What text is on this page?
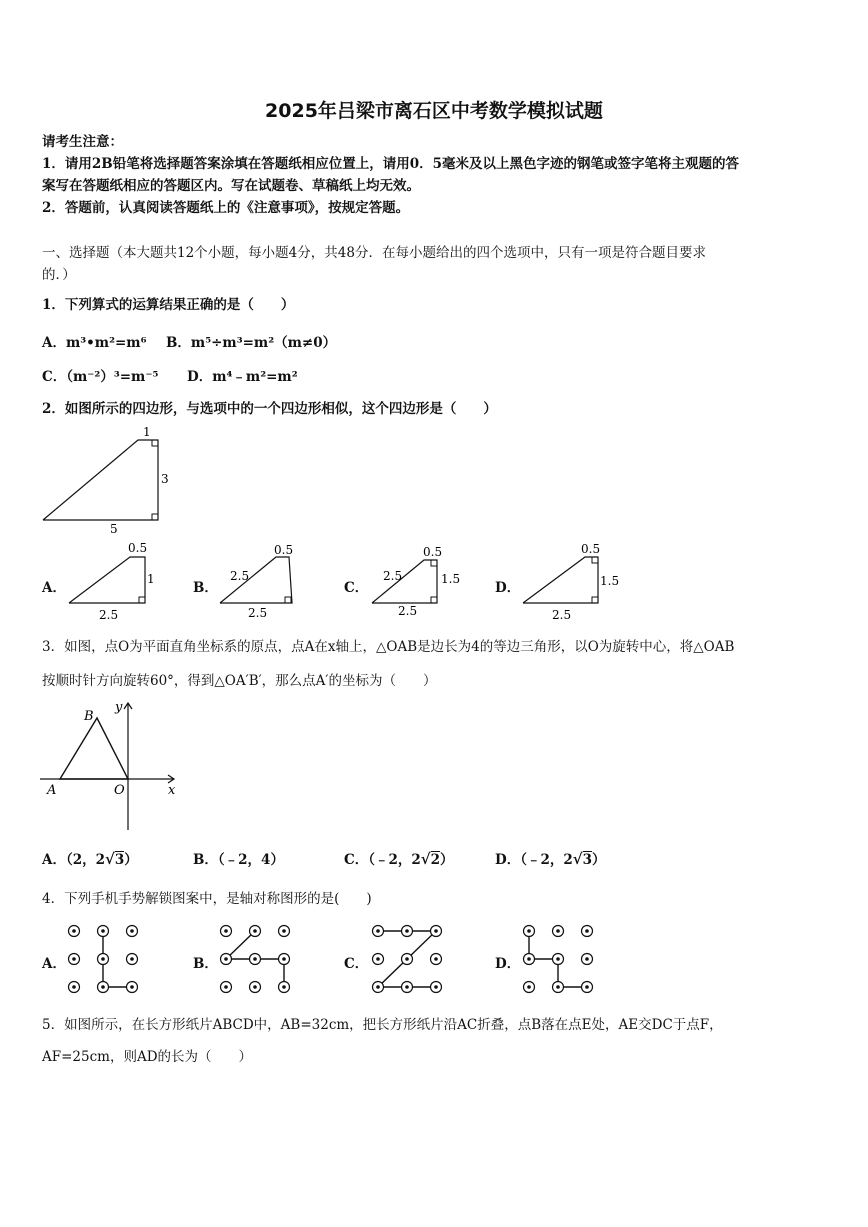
2025年吕梁市离石区中考数学模拟试题
请考生注意：
1．请用2B铅笔将选择题答案涂填在答题纸相应位置上，请用0．5毫米及以上黑色字迹的钢笔或签字笔将主观题的答
案写在答题纸相应的答题区内。写在试题卷、草稿纸上均无效。
2．答题前，认真阅读答题纸上的《注意事项》，按规定答题。
一、选择题（本大题共12个小题，每小题4分，共48分．在每小题给出的四个选项中，只有一项是符合题目要求
的．）
1．下列算式的运算结果正确的是（　　）
A．m³•m²=m⁶ B．m⁵÷m³=m²（m≠0）
C．（m⁻²）³=m⁻⁵ D．m⁴﹣m²=m²
2．如图所示的四边形，与选项中的一个四边形相似，这个四边形是（　　）
1
3
5
A．
0.5
1
2.5
B．
0.5
2.5
2.5
C．
0.5
2.5	1.5
2.5
D．
0.5
1.5
2.5
3．如图，点O为平面直角坐标系的原点，点A在x轴上，△OAB是边长为4的等边三角形，以O为旋转中心，将△OAB
按顺时针方向旋转60°，得到△OA′B′，那么点A′的坐标为（　　）
B
y
A	O	x
A．（2，2√3）	B．（﹣2，4）	C．（﹣2，2√2）	D．（﹣2，2√3）
4．下列手机手势解锁图案中，是轴对称图形的是(　　)
A．	B．	C．	D．
5．如图所示，在长方形纸片ABCD中，AB=32cm，把长方形纸片沿AC折叠，点B落在点E处，AE交DC于点F，
AF=25cm，则AD的长为（　　）
